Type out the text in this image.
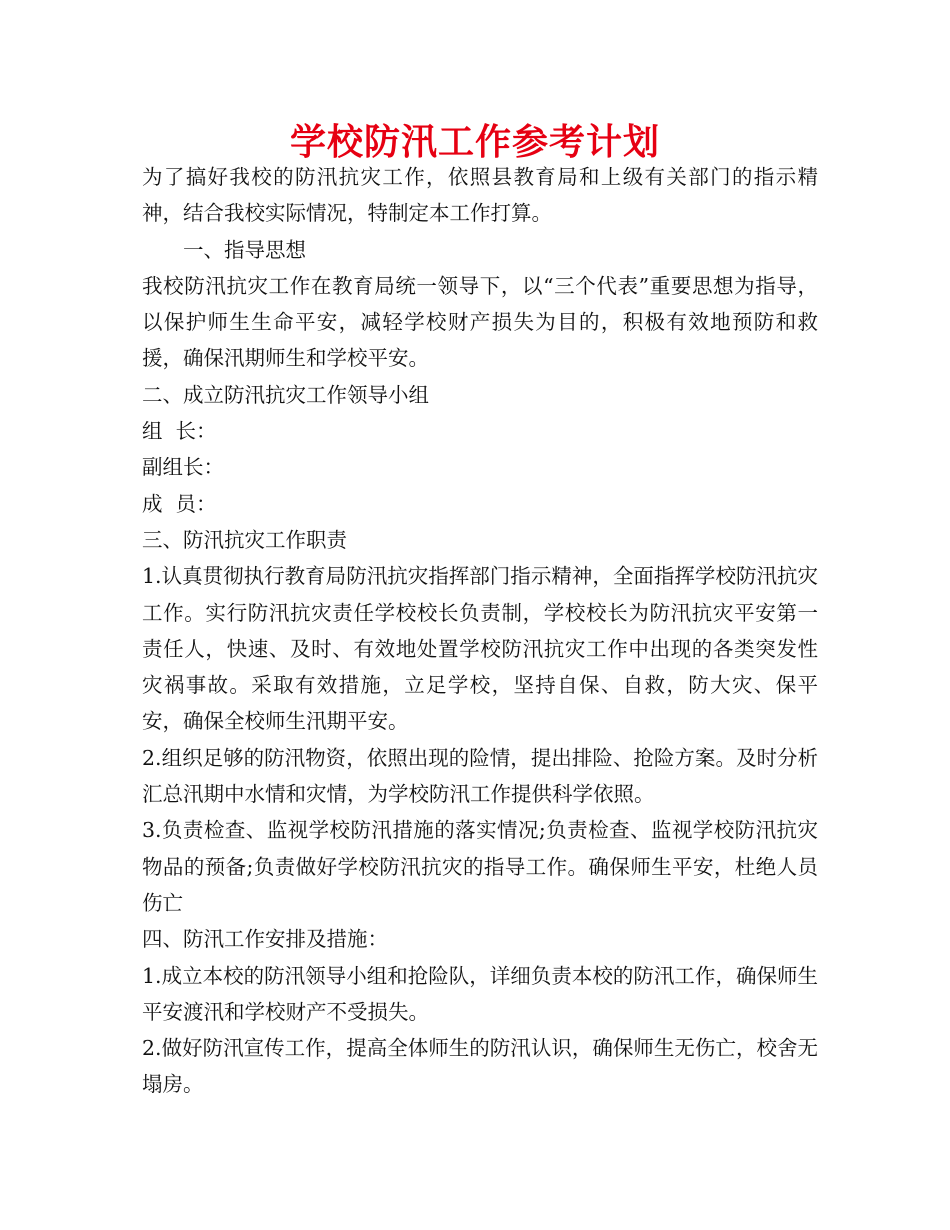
学校防汛工作参考计划

为了搞好我校的防汛抗灾工作，依照县教育局和上级有关部门的指示精神，结合我校实际情况，特制定本工作打算。

一、指导思想

我校防汛抗灾工作在教育局统一领导下，以“三个代表”重要思想为指导，以保护师生生命平安，减轻学校财产损失为目的，积极有效地预防和救援，确保汛期师生和学校平安。

二、成立防汛抗灾工作领导小组

组  长：

副组长：

成  员：

三、防汛抗灾工作职责

1.认真贯彻执行教育局防汛抗灾指挥部门指示精神，全面指挥学校防汛抗灾工作。实行防汛抗灾责任学校校长负责制，学校校长为防汛抗灾平安第一责任人，快速、及时、有效地处置学校防汛抗灾工作中出现的各类突发性灾祸事故。采取有效措施，立足学校，坚持自保、自救，防大灾、保平安，确保全校师生汛期平安。

2.组织足够的防汛物资，依照出现的险情，提出排险、抢险方案。及时分析汇总汛期中水情和灾情，为学校防汛工作提供科学依照。

3.负责检查、监视学校防汛措施的落实情况;负责检查、监视学校防汛抗灾物品的预备;负责做好学校防汛抗灾的指导工作。确保师生平安，杜绝人员伤亡

四、防汛工作安排及措施：

1.成立本校的防汛领导小组和抢险队，详细负责本校的防汛工作，确保师生平安渡汛和学校财产不受损失。

2.做好防汛宣传工作，提高全体师生的防汛认识，确保师生无伤亡，校舍无塌房。
